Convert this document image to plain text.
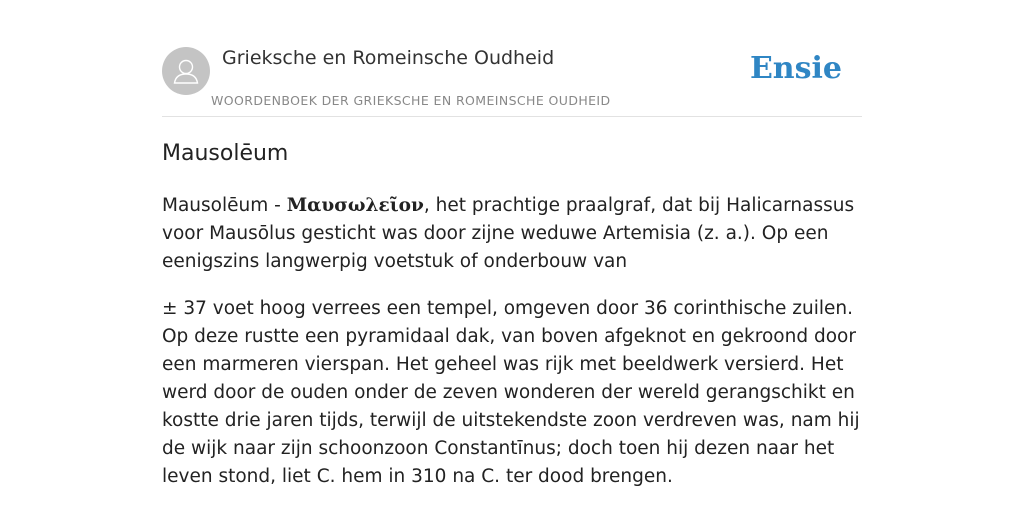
Grieksche en Romeinsche Oudheid
WOORDENBOEK DER GRIEKSCHE EN ROMEINSCHE OUDHEID
Ensie
Mausolēum

Mausolēum - Μαυσωλεῖον, het prachtige praalgraf, dat bij Halicarnassus voor Mausōlus gesticht was door zijne weduwe Artemisia (z. a.). Op een eenigszins langwerpig voetstuk of onderbouw van

± 37 voet hoog verrees een tempel, omgeven door 36 corinthische zuilen. Op deze rustte een pyramidaal dak, van boven afgeknot en gekroond door een marmeren vierspan. Het geheel was rijk met beeldwerk versierd. Het werd door de ouden onder de zeven wonderen der wereld gerangschikt en kostte drie jaren tijds, terwijl de uitstekendste zoon verdreven was, nam hij de wijk naar zijn schoonzoon Constantīnus; doch toen hij dezen naar het leven stond, liet C. hem in 310 na C. ter dood brengen.
